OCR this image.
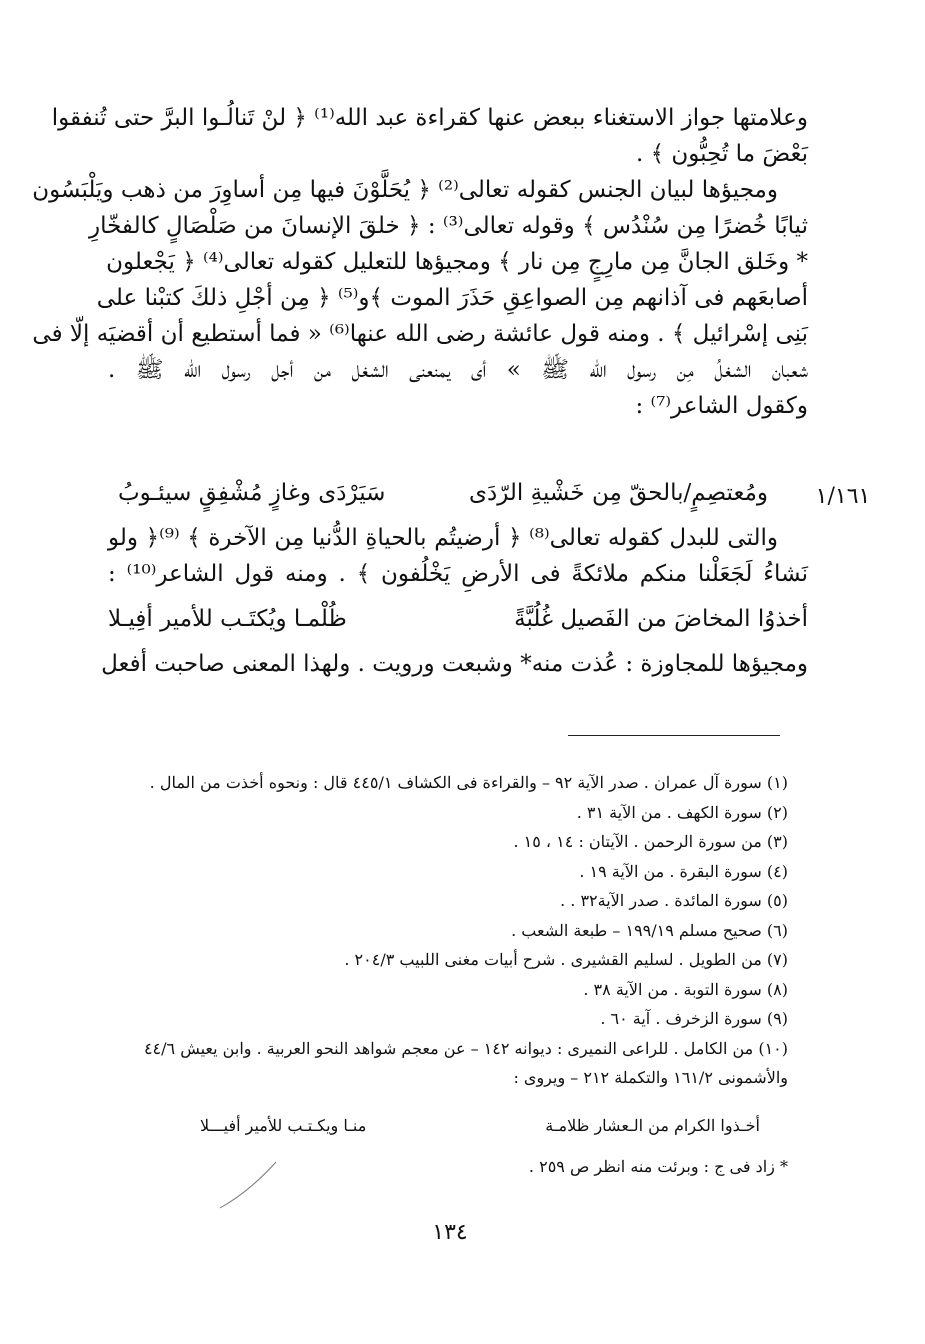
وعلامتها جواز الاستغناء ببعض عنها كقراءة عبد الله⁽¹⁾ ﴿ لنْ تَنالُـوا البرَّ حتى تُنفقوا
بَعْضَ ما تُحِبُّون ﴾ .
ومجيؤها لبيان الجنس كقوله تعالى⁽²⁾ ﴿ يُحَلَّوْنَ فيها مِن أساوِرَ من ذهب ويَلْبَسُون
ثيابًا خُضرًا مِن سُنْدُس ﴾ وقوله تعالى⁽³⁾ : ﴿ خلقَ الإنسانَ من صَلْصَالٍ كالفخّارِ
* وخَلق الجانَّ مِن مارِجٍ مِن نار ﴾ ومجيؤها للتعليل كقوله تعالى⁽⁴⁾ ﴿ يَجْعلون
أصابعَهم فى آذانهم مِن الصواعِقِ حَذَرَ الموت ﴾و⁽⁵⁾ ﴿ مِن أجْلِ ذلكَ كتبْنا على
بَنِى إسْرائيل ﴾ . ومنه قول عائشة رضى الله عنها⁽⁶⁾ « فما أستطيع أن أقضيَه إلّا فى
شعبان الشغلُ مِن رسول الله ﷺ » أى يمنعنى الشغل من أجل رسول الله ﷺ .
وكقول الشاعر⁽⁷⁾ :
ومُعتصِمٍ/بالحقّ مِن خَشْيةِ الرّدَى
سَيَرْدَى وغازٍ مُشْفِقٍ سيئـوبُ	١/١٦١
والتى للبدل كقوله تعالى⁽⁸⁾ ﴿ أرضيتُم بالحياةِ الدُّنيا مِن الآخرة ﴾ ⁽⁹⁾﴿ ولو
نَشاءُ لَجَعَلْنا منكم ملائكةً فى الأرضِ يَخْلُفون ﴾ . ومنه قول الشاعر⁽¹⁰⁾ :
أخذوُا المخاضَ من الفَصيل غُلُبَّةً
ظُلْمـا ويُكتَـب للأمير أفِيـلا
ومجيؤها للمجاوزة : عُذت منه* وشبعت ورويت . ولهذا المعنى صاحبت أفعل
(١) سورة آل عمران . صدر الآية ٩٢ – والقراءة فى الكشاف ٤٤٥/١ قال : ونحوه أخذت من المال .
(٢) سورة الكهف . من الآية ٣١ .
(٣) من سورة الرحمن . الآيتان : ١٤ ، ١٥ .
(٤) سورة البقرة . من الآية ١٩ .
(٥) سورة المائدة . صدر الآية٣٢ . .
(٦) صحيح مسلم ١٩٩/١٩ – طبعة الشعب .
(٧) من الطويل . لسليم القشيرى . شرح أبيات مغنى اللبيب ٢٠٤/٣ .
(٨) سورة التوبة . من الآية ٣٨ .
(٩) سورة الزخرف . آية ٦٠ .
(١٠) من الكامل . للراعى النميرى : ديوانه ١٤٢ – عن معجم شواهد النحو العربية . وابن يعيش ٤٤/٦
والأشمونى ١٦١/٢ والتكملة ٢١٢ – ويروى :
أخـذوا الكرام من الـعشار ظلامـة
منـا ويكـتـب للأمير أفيـــلا
* زاد فى ج : وبرئت منه انظر ص ٢٥٩ .
١٣٤
